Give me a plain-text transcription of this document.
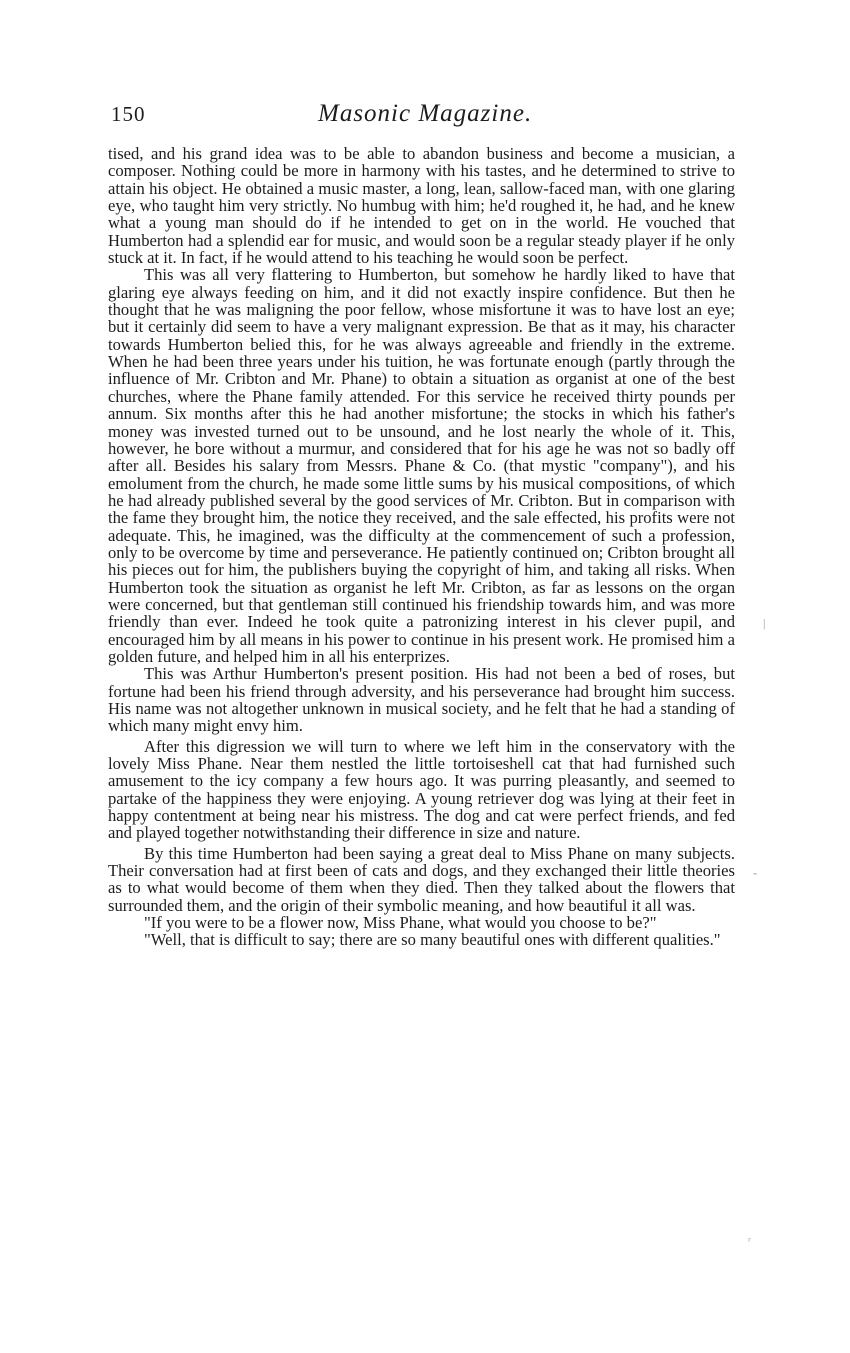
150	Masonic Magazine.

tised, and his grand idea was to be able to abandon business and become a musician, a composer. Nothing could be more in harmony with his tastes, and he determined to strive to attain his object. He obtained a music master, a long, lean, sallow-faced man, with one glaring eye, who taught him very strictly. No humbug with him; he'd roughed it, he had, and he knew what a young man should do if he intended to get on in the world. He vouched that Humberton had a splendid ear for music, and would soon be a regular steady player if he only stuck at it. In fact, if he would attend to his teaching he would soon be perfect.

This was all very flattering to Humberton, but somehow he hardly liked to have that glaring eye always feeding on him, and it did not exactly inspire confidence. But then he thought that he was maligning the poor fellow, whose misfortune it was to have lost an eye; but it certainly did seem to have a very malignant expression. Be that as it may, his character towards Humberton belied this, for he was always agreeable and friendly in the extreme. When he had been three years under his tuition, he was fortunate enough (partly through the influence of Mr. Cribton and Mr. Phane) to obtain a situation as organist at one of the best churches, where the Phane family attended. For this service he received thirty pounds per annum. Six months after this he had another misfortune; the stocks in which his father's money was invested turned out to be unsound, and he lost nearly the whole of it. This, however, he bore without a murmur, and considered that for his age he was not so badly off after all. Besides his salary from Messrs. Phane & Co. (that mystic "company"), and his emolument from the church, he made some little sums by his musical compositions, of which he had already published several by the good services of Mr. Cribton. But in comparison with the fame they brought him, the notice they received, and the sale effected, his profits were not adequate. This, he imagined, was the difficulty at the commencement of such a profession, only to be overcome by time and perseverance. He patiently continued on; Cribton brought all his pieces out for him, the publishers buying the copyright of him, and taking all risks. When Humberton took the situation as organist he left Mr. Cribton, as far as lessons on the organ were concerned, but that gentleman still continued his friendship towards him, and was more friendly than ever. Indeed he took quite a patronizing interest in his clever pupil, and encouraged him by all means in his power to continue in his present work. He promised him a golden future, and helped him in all his enterprizes.

This was Arthur Humberton's present position. His had not been a bed of roses, but fortune had been his friend through adversity, and his perseverance had brought him success. His name was not altogether unknown in musical society, and he felt that he had a standing of which many might envy him.

After this digression we will turn to where we left him in the conservatory with the lovely Miss Phane. Near them nestled the little tortoiseshell cat that had furnished such amusement to the icy company a few hours ago. It was purring pleasantly, and seemed to partake of the happiness they were enjoying. A young retriever dog was lying at their feet in happy contentment at being near his mistress. The dog and cat were perfect friends, and fed and played together notwithstanding their difference in size and nature.

By this time Humberton had been saying a great deal to Miss Phane on many subjects. Their conversation had at first been of cats and dogs, and they exchanged their little theories as to what would become of them when they died. Then they talked about the flowers that surrounded them, and the origin of their symbolic meaning, and how beautiful it all was.

"If you were to be a flower now, Miss Phane, what would you choose to be?"

"Well, that is difficult to say; there are so many beautiful ones with different qualities."

|
˜
ʳ
